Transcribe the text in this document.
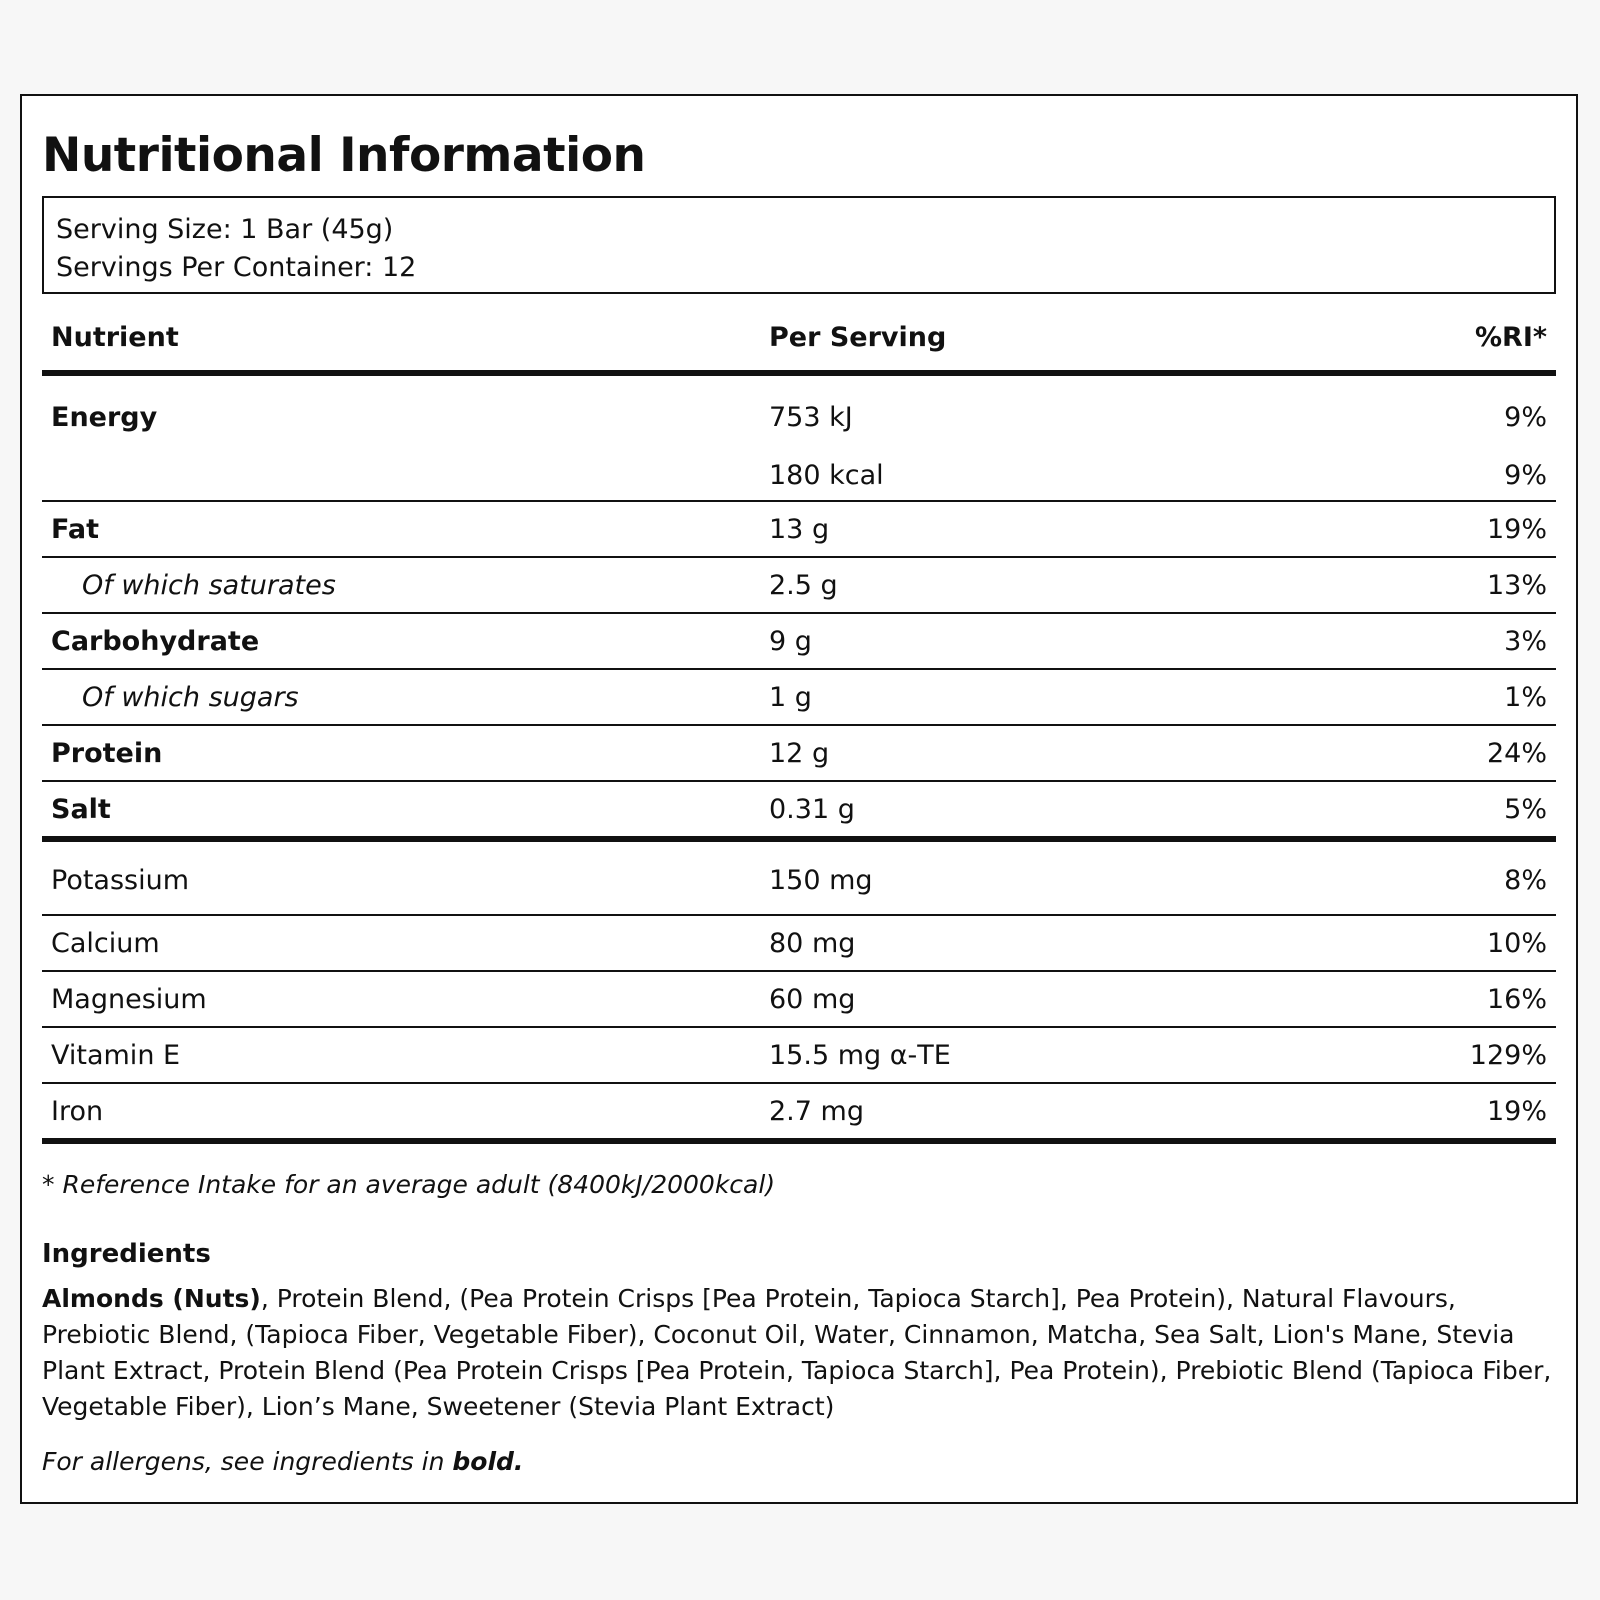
Nutritional Information
Serving Size: 1 Bar (45g)
Servings Per Container: 12
Nutrient	Per Serving	%RI*
Energy	753 kJ	9%
	180 kcal	9%
Fat	13 g	19%
Of which saturates	2.5 g	13%
Carbohydrate	9 g	3%
Of which sugars	1 g	1%
Protein	12 g	24%
Salt	0.31 g	5%
Potassium	150 mg	8%
Calcium	80 mg	10%
Magnesium	60 mg	16%
Vitamin E	15.5 mg α-TE	129%
Iron	2.7 mg	19%
* Reference Intake for an average adult (8400kJ/2000kcal)
Ingredients
Almonds (Nuts), Protein Blend, (Pea Protein Crisps [Pea Protein, Tapioca Starch], Pea Protein), Natural Flavours, Prebiotic Blend, (Tapioca Fiber, Vegetable Fiber), Coconut Oil, Water, Cinnamon, Matcha, Sea Salt, Lion's Mane, Stevia Plant Extract, Protein Blend (Pea Protein Crisps [Pea Protein, Tapioca Starch], Pea Protein), Prebiotic Blend (Tapioca Fiber, Vegetable Fiber), Lion’s Mane, Sweetener (Stevia Plant Extract)
For allergens, see ingredients in bold.
